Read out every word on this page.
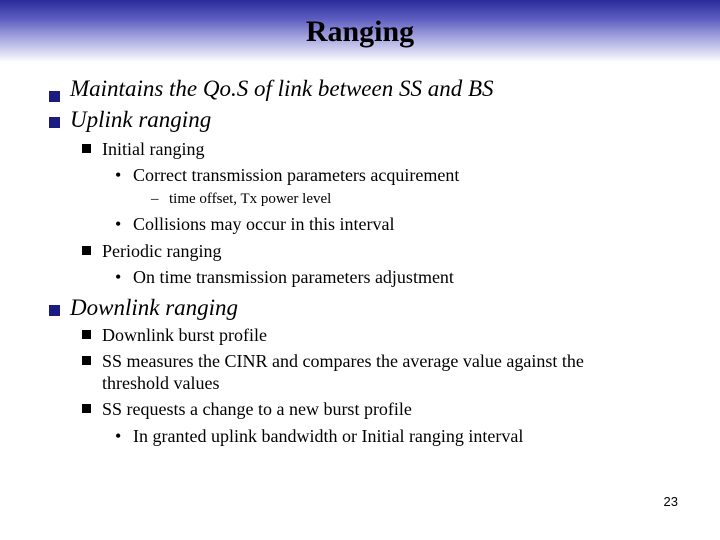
Ranging
Maintains the Qo.S of link between SS and BS
Uplink ranging
Initial ranging
• Correct transmission parameters acquirement
– time offset, Tx power level
• Collisions may occur in this interval
Periodic ranging
• On time transmission parameters adjustment
Downlink ranging
Downlink burst profile
SS measures the CINR and compares the average value against the
threshold values
SS requests a change to a new burst profile
• In granted uplink bandwidth or Initial ranging interval
23
